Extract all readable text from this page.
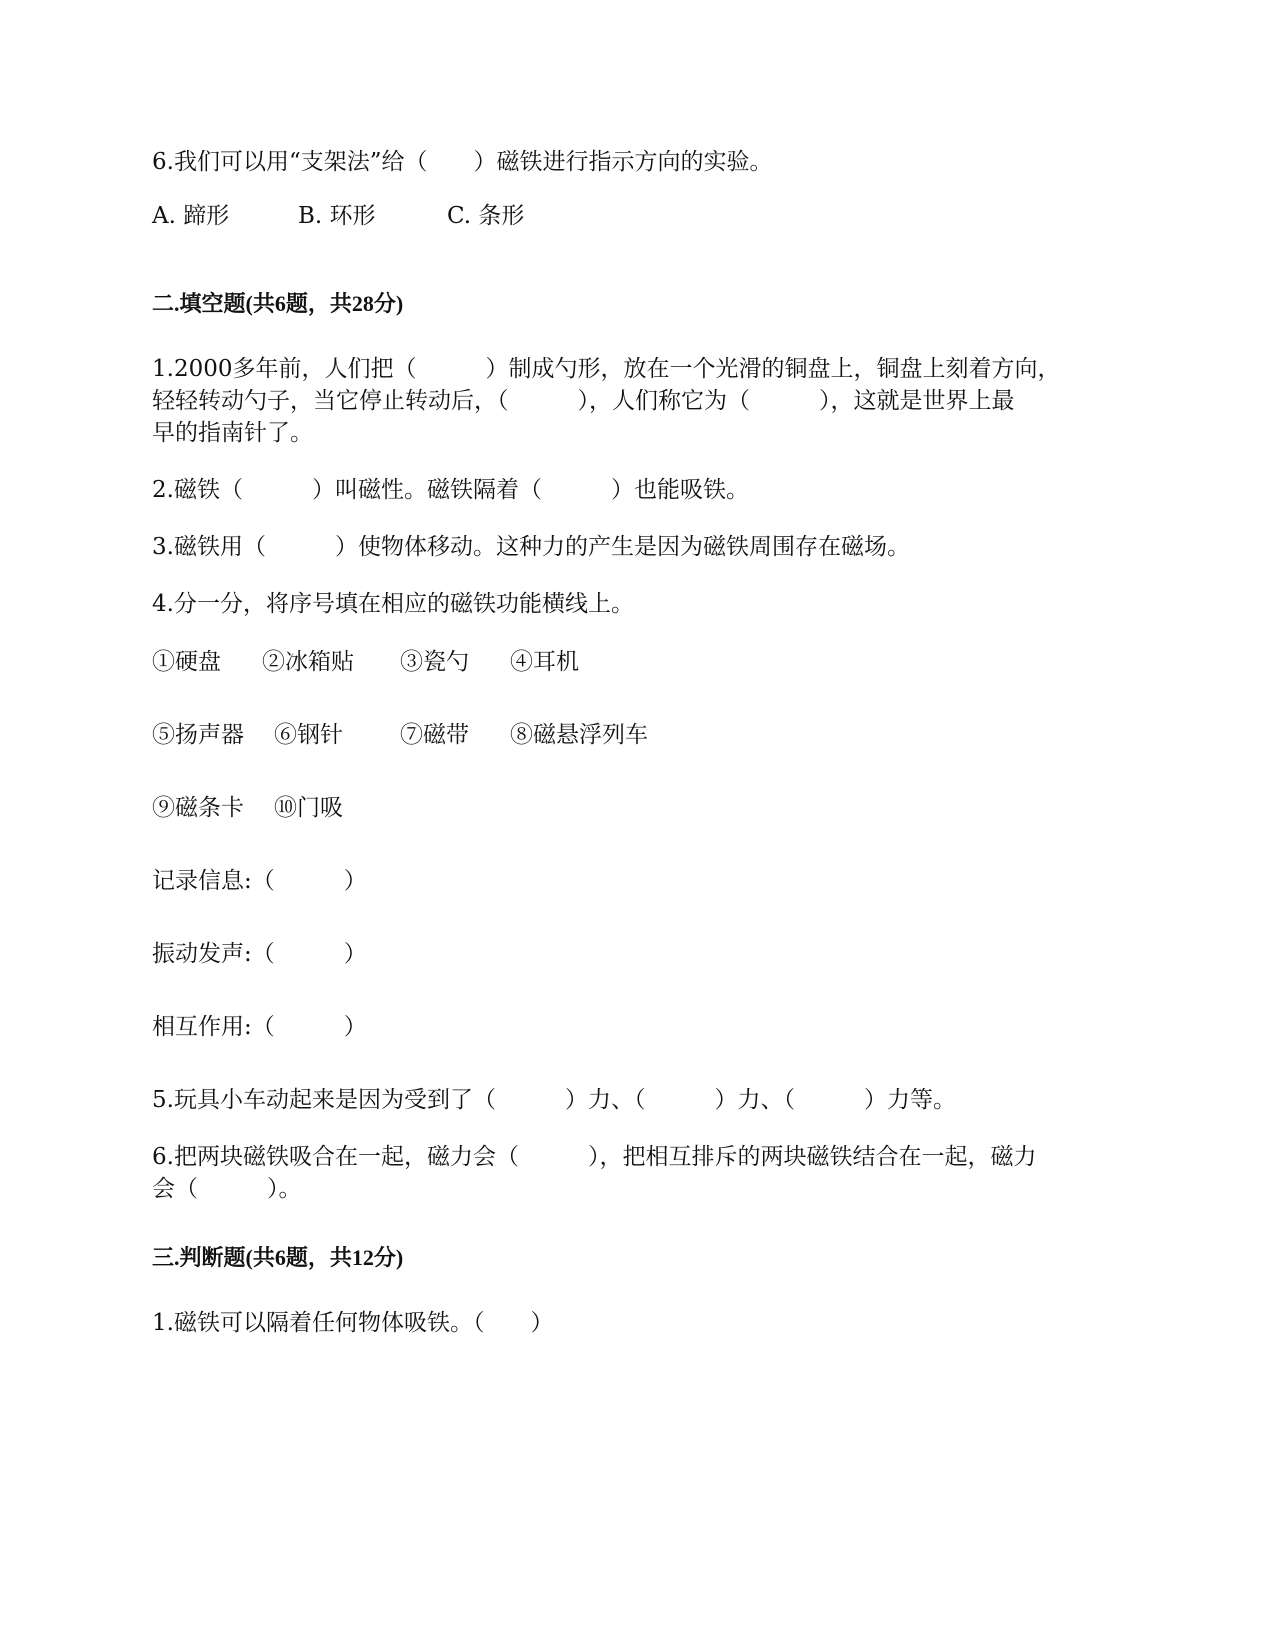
6.我们可以用“支架法”给（　　）磁铁进行指示方向的实验。
A. 蹄形	B. 环形	C. 条形
二.填空题(共6题，共28分)
1.2000多年前，人们把（　　　）制成勺形，放在一个光滑的铜盘上，铜盘上刻着方向，
轻轻转动勺子，当它停止转动后，（　　　），人们称它为（　　　），这就是世界上最
早的指南针了。
2.磁铁（　　　）叫磁性。磁铁隔着（　　　）也能吸铁。
3.磁铁用（　　　）使物体移动。这种力的产生是因为磁铁周围存在磁场。
4.分一分，将序号填在相应的磁铁功能横线上。
①硬盘 ②冰箱贴 ③瓷勺 ④耳机
⑤扬声器 ⑥钢针 ⑦磁带 ⑧磁悬浮列车
⑨磁条卡 ⑩门吸
记录信息:（　　　）
振动发声:（　　　）
相互作用:（　　　）
5.玩具小车动起来是因为受到了（　　　）力、（　　　）力、（　　　）力等。
6.把两块磁铁吸合在一起，磁力会（　　　），把相互排斥的两块磁铁结合在一起，磁力
会（　　　）。
三.判断题(共6题，共12分)
1.磁铁可以隔着任何物体吸铁。（　　）
